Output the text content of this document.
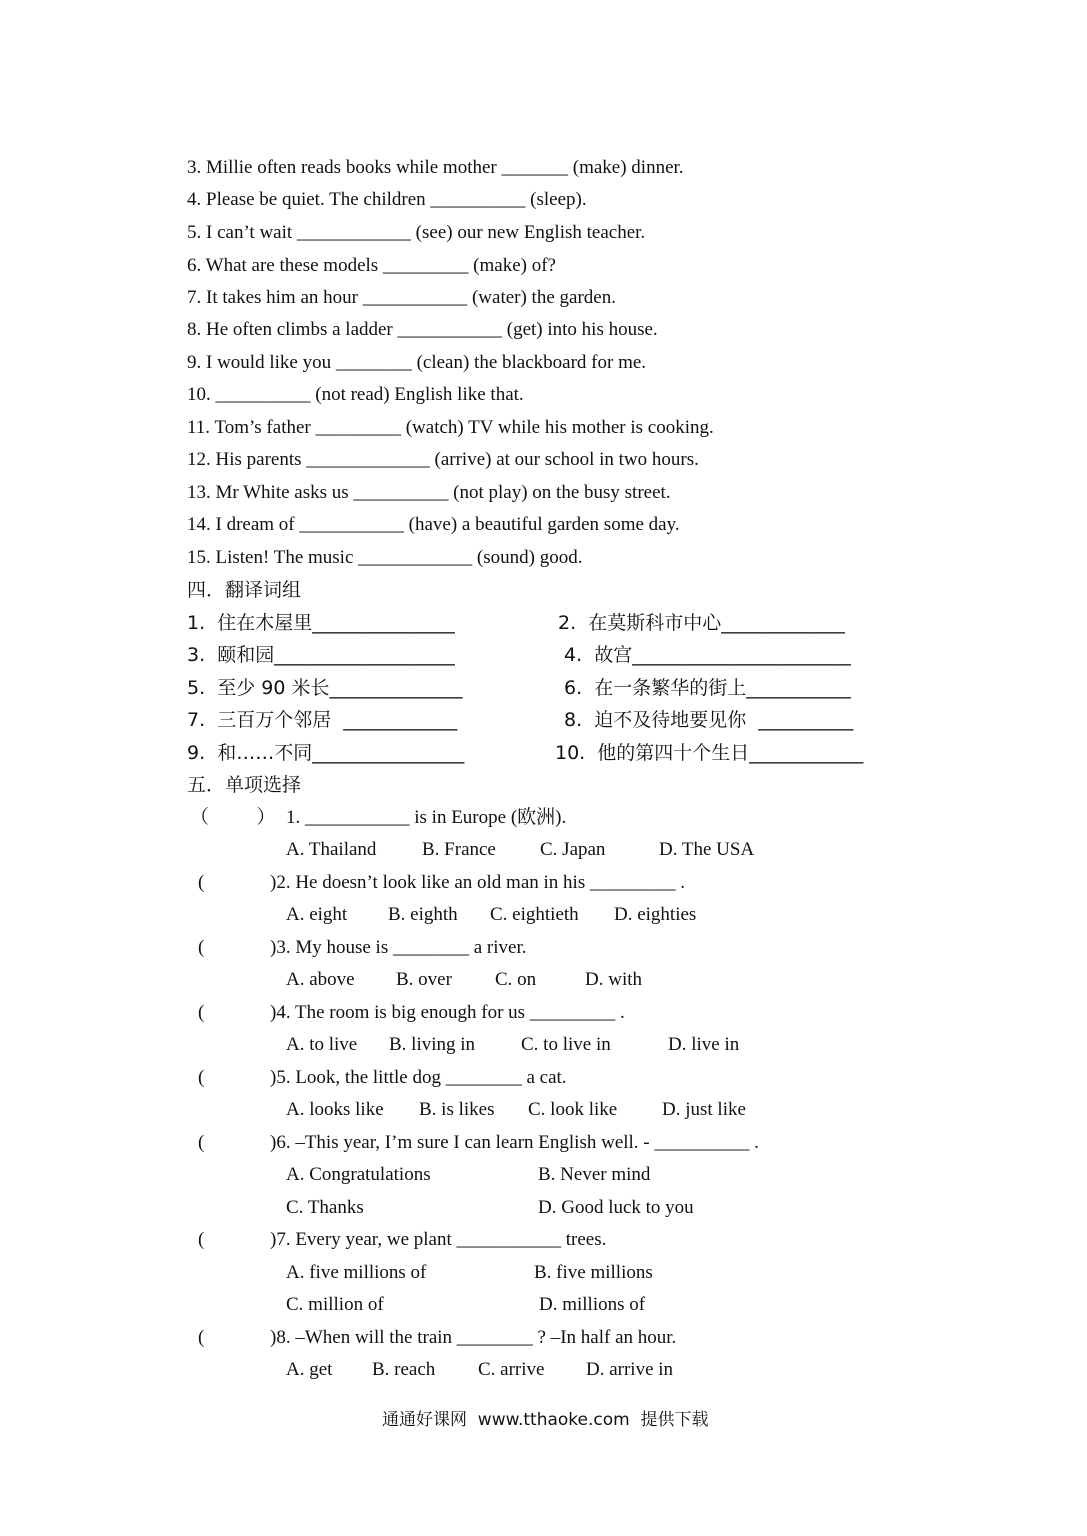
3. Millie often reads books while mother _______ (make) dinner.
4. Please be quiet. The children __________ (sleep).
5. I can’t wait ____________ (see) our new English teacher.
6. What are these models _________ (make) of?
7. It takes him an hour ___________ (water) the garden.
8. He often climbs a ladder ___________ (get) into his house.
9. I would like you ________ (clean) the blackboard for me.
10. __________ (not read) English like that.
11. Tom’s father _________ (watch) TV while his mother is cooking.
12. His parents _____________ (arrive) at our school in two hours.
13. Mr White asks us __________ (not play) on the busy street.
14. I dream of ___________ (have) a beautiful garden some day.
15. Listen! The music ____________ (sound) good.
四．翻译词组
1.  住在木屋里_______________	2.  在莫斯科市中心_____________
3.  颐和园___________________	4.  故宫_______________________
5.  至少 90 米长______________	6.  在一条繁华的街上___________
7.  三百万个邻居  ____________	8.  迫不及待地要见你  __________
9.  和……不同________________	10.  他的第四十个生日____________
五．单项选择
（          ） 1. ___________ is in Europe (欧洲).
A. Thailand B. France C. Japan	D. The USA
(	)2. He doesn’t look like an old man in his _________ .
A. eight B. eighth C. eightieth D. eighties
(	)3. My house is ________ a river.
A. above B. over C. on	D. with
(	)4. The room is big enough for us _________ .
A. to live B. living in C. to live in	D. live in
(	)5. Look, the little dog ________ a cat.
A. looks like B. is likes C. look like D. just like
(	)6. –This year, I’m sure I can learn English well. - __________ .
A. Congratulations	B. Never mind
C. Thanks	D. Good luck to you
(	)7. Every year, we plant ___________ trees.
A. five millions of	B. five millions
C. million of	D. millions of
(	)8. –When will the train ________ ? –In half an hour.
A. get B. reach C. arrive D. arrive in
通通好课网  www.tthaoke.com  提供下载
